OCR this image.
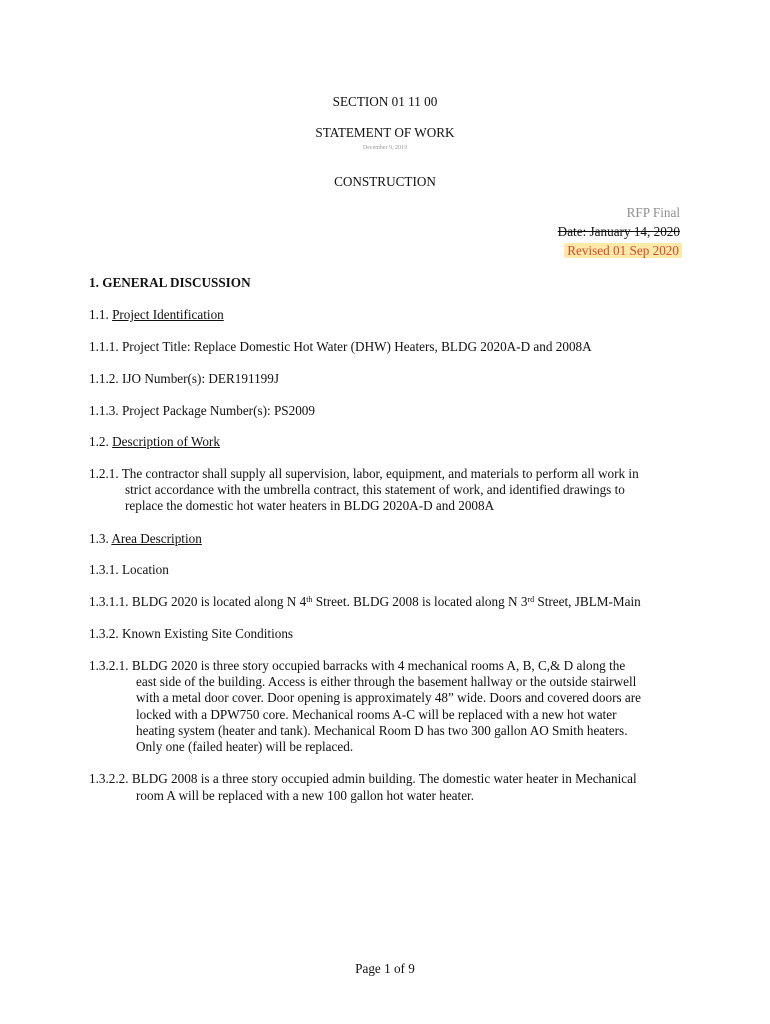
SECTION 01 11 00
STATEMENT OF WORK
December 9, 2019
CONSTRUCTION
RFP Final
Date: January 14, 2020
Revised 01 Sep 2020
1. GENERAL DISCUSSION
1.1. Project Identification
1.1.1. Project Title: Replace Domestic Hot Water (DHW) Heaters, BLDG 2020A-D and 2008A
1.1.2. IJO Number(s): DER191199J
1.1.3. Project Package Number(s): PS2009
1.2. Description of Work
1.2.1. The contractor shall supply all supervision, labor, equipment, and materials to perform all work in
strict accordance with the umbrella contract, this statement of work, and identified drawings to
replace the domestic hot water heaters in BLDG 2020A-D and 2008A
1.3. Area Description
1.3.1. Location
1.3.1.1. BLDG 2020 is located along N 4th Street. BLDG 2008 is located along N 3rd Street, JBLM-Main
1.3.2. Known Existing Site Conditions
1.3.2.1. BLDG 2020 is three story occupied barracks with 4 mechanical rooms A, B, C,& D along the
east side of the building. Access is either through the basement hallway or the outside stairwell
with a metal door cover. Door opening is approximately 48” wide. Doors and covered doors are
locked with a DPW750 core. Mechanical rooms A-C will be replaced with a new hot water
heating system (heater and tank). Mechanical Room D has two 300 gallon AO Smith heaters.
Only one (failed heater) will be replaced.
1.3.2.2. BLDG 2008 is a three story occupied admin building. The domestic water heater in Mechanical
room A will be replaced with a new 100 gallon hot water heater.
Page 1 of 9
